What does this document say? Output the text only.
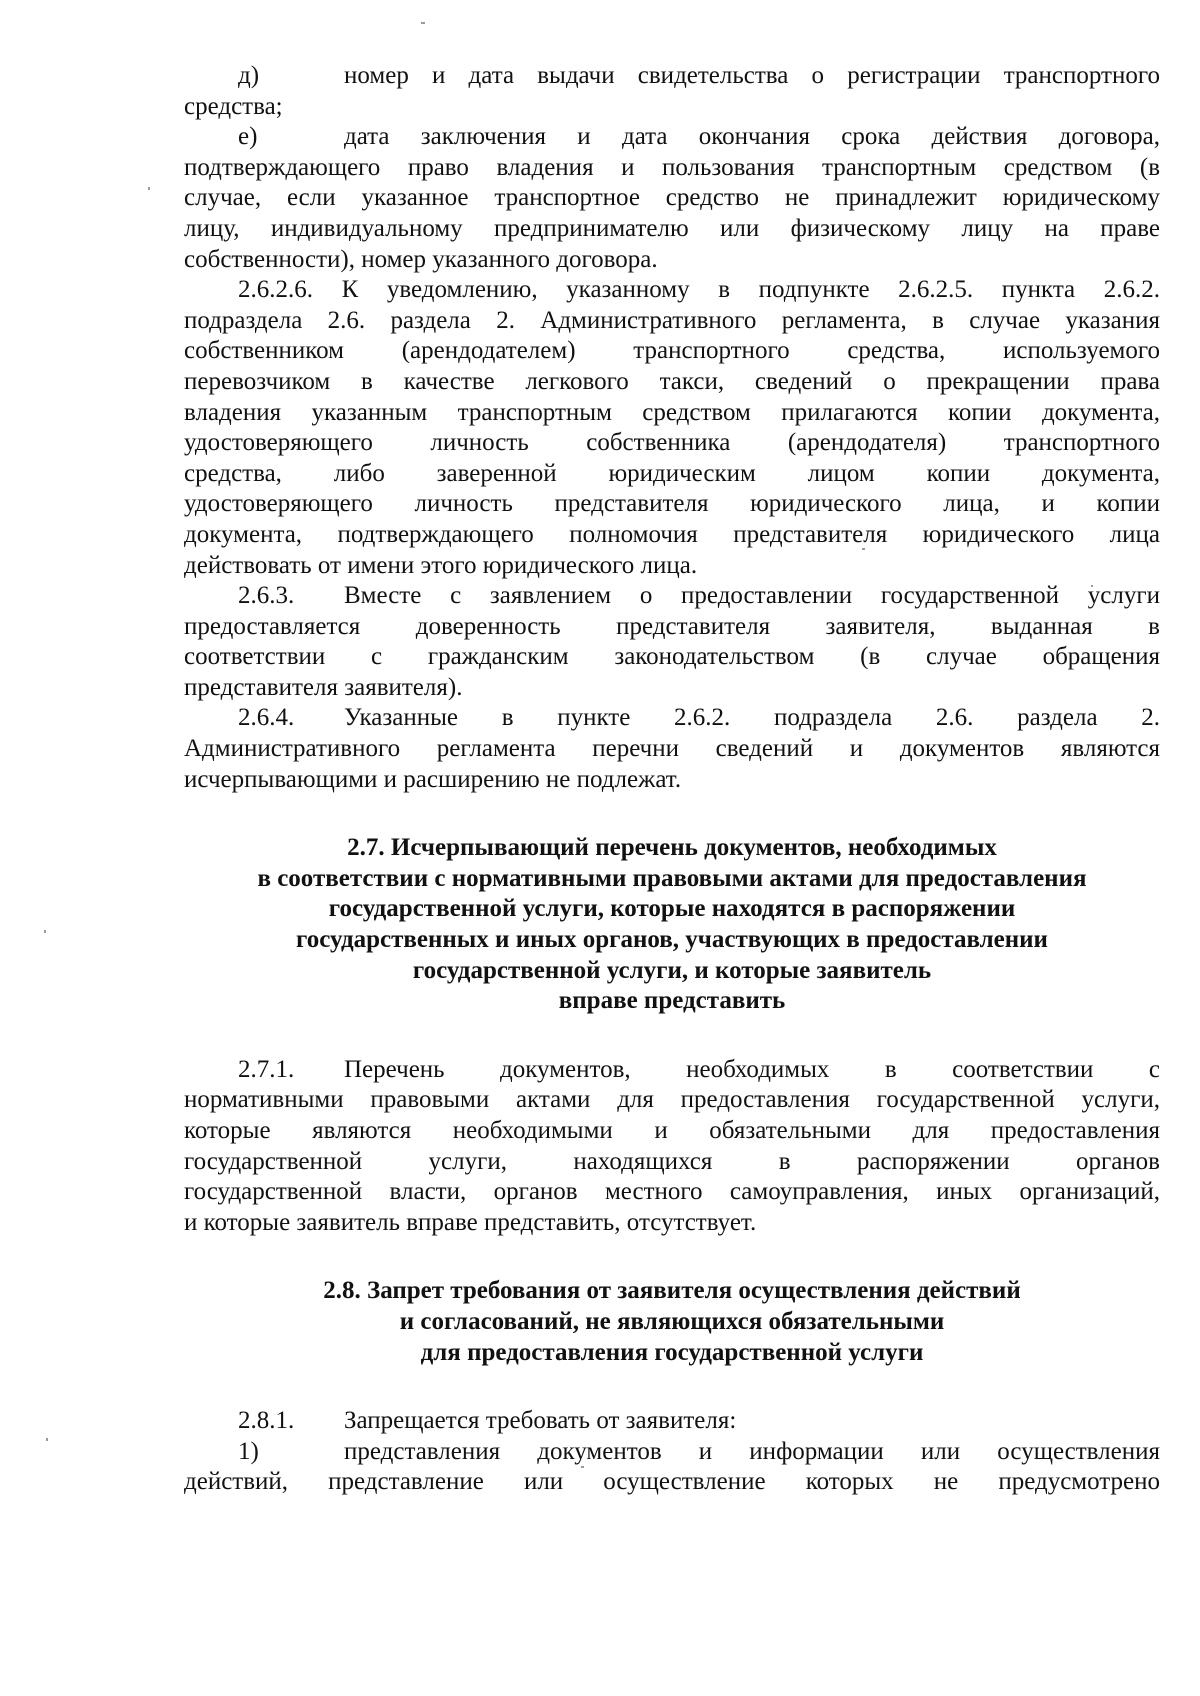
д)	номер и дата выдачи свидетельства о регистрации транспортного
средства;

е)	дата заключения и дата окончания срока действия договора,
подтверждающего право владения и пользования транспортным средством (в
случае, если указанное транспортное средство не принадлежит юридическому
лицу, индивидуальному предпринимателю или физическому лицу на праве
собственности), номер указанного договора.

2.6.2.6. К уведомлению, указанному в подпункте 2.6.2.5. пункта 2.6.2.
подраздела 2.6. раздела 2. Административного регламента, в случае указания
собственником (арендодателем) транспортного средства, используемого
перевозчиком в качестве легкового такси, сведений о прекращении права
владения указанным транспортным средством прилагаются копии документа,
удостоверяющего личность собственника (арендодателя) транспортного
средства, либо заверенной юридическим лицом копии документа,
удостоверяющего личность представителя юридического лица, и копии
документа, подтверждающего полномочия представителя юридического лица
действовать от имени этого юридического лица.

2.6.3. Вместе с заявлением о предоставлении государственной услуги
предоставляется доверенность представителя заявителя, выданная в
соответствии с гражданским законодательством (в случае обращения
представителя заявителя).

2.6.4. Указанные в пункте 2.6.2. подраздела 2.6. раздела 2.
Административного регламента перечни сведений и документов являются
исчерпывающими и расширению не подлежат.

2.7. Исчерпывающий перечень документов, необходимых
в соответствии с нормативными правовыми актами для предоставления
государственной услуги, которые находятся в распоряжении
государственных и иных органов, участвующих в предоставлении
государственной услуги, и которые заявитель
вправе представить

2.7.1. Перечень документов, необходимых в соответствии с
нормативными правовыми актами для предоставления государственной услуги,
которые являются необходимыми и обязательными для предоставления
государственной услуги, находящихся в распоряжении органов
государственной власти, органов местного самоуправления, иных организаций,
и которые заявитель вправе представить, отсутствует.

2.8. Запрет требования от заявителя осуществления действий
и согласований, не являющихся обязательными
для предоставления государственной услуги

2.8.1. Запрещается требовать от заявителя:

1)	представления документов и информации или осуществления
действий, представление или осуществление которых не предусмотрено
